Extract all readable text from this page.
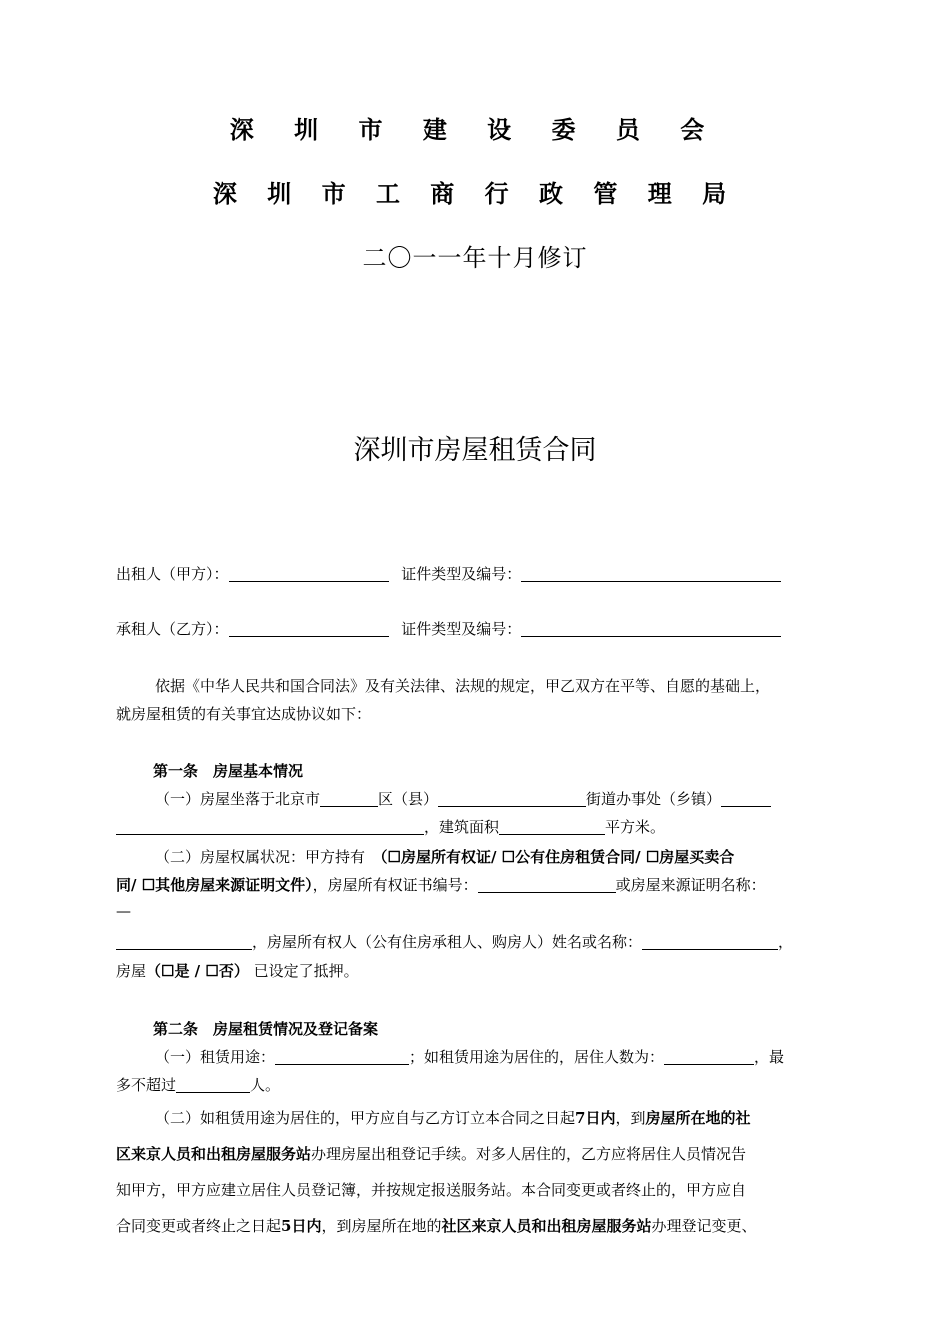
深 圳 市 建 设 委 员 会
深 圳 市 工 商 行 政 管 理 局
二〇一一年十月修订
深圳市房屋租赁合同
出租人（甲方）：	证件类型及编号：
承租人（乙方）：	证件类型及编号：
依据《中华人民共和国合同法》及有关法律、法规的规定，甲乙双方在平等、自愿的基础上，
就房屋租赁的有关事宜达成协议如下：
第一条　房屋基本情况
（一）房屋坐落于北京市	区（县）	街道办事处（乡镇）
，建筑面积	平方米。
（二）房屋权属状况：甲方持有　（☐房屋所有权证/ ☐公有住房租赁合同/ ☐房屋买卖合
同/ ☐其他房屋来源证明文件），房屋所有权证书编号：	或房屋来源证明名称：
—
，房屋所有权人（公有住房承租人、购房人）姓名或名称：	，
房屋（☐是 / ☐否） 已设定了抵押。
第二条　房屋租赁情况及登记备案
（一）租赁用途：	；如租赁用途为居住的，居住人数为：	，最
多不超过	人。
（二）如租赁用途为居住的，甲方应自与乙方订立本合同之日起7日内，到房屋所在地的社
区来京人员和出租房屋服务站办理房屋出租登记手续。对多人居住的，乙方应将居住人员情况告
知甲方，甲方应建立居住人员登记簿，并按规定报送服务站。本合同变更或者终止的，甲方应自
合同变更或者终止之日起5日内，到房屋所在地的社区来京人员和出租房屋服务站办理登记变更、
